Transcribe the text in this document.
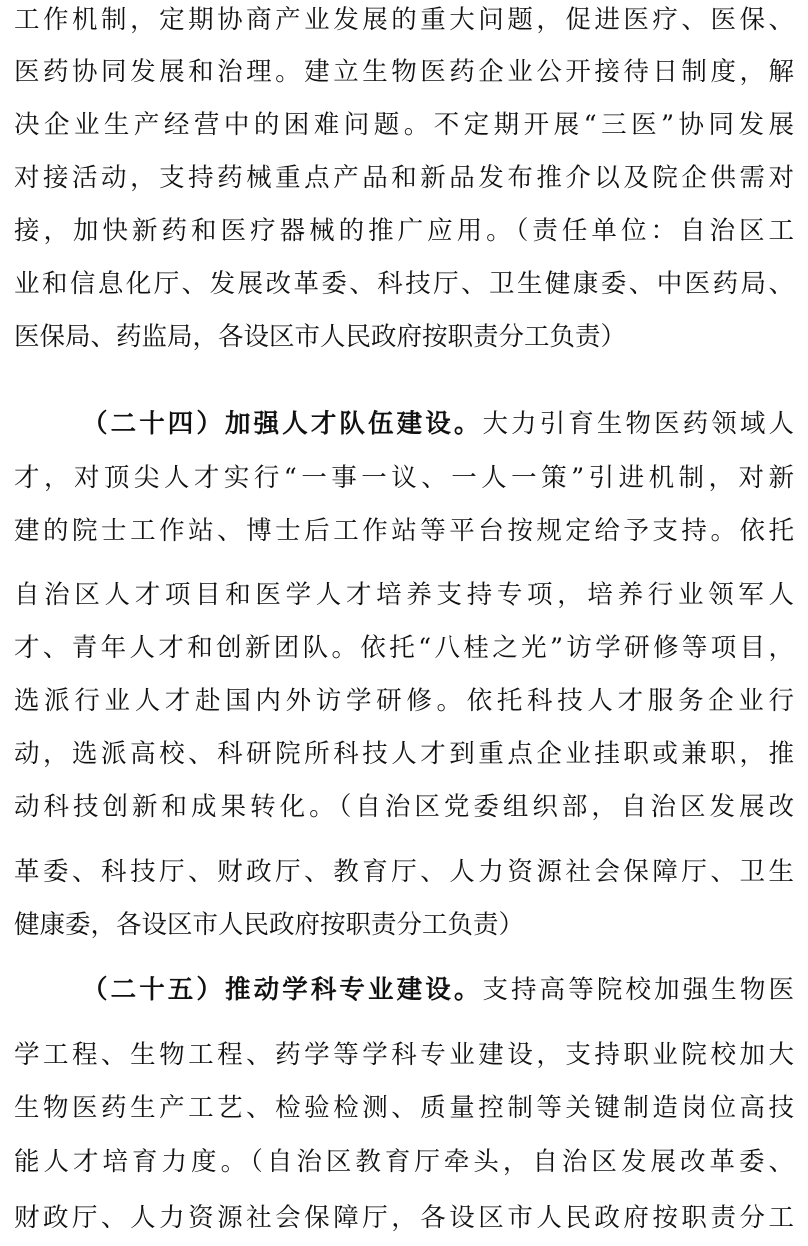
工作机制，定期协商产业发展的重大问题，促进医疗、医保、
医药协同发展和治理。建立生物医药企业公开接待日制度，解
决企业生产经营中的困难问题。不定期开展“三医”协同发展
对接活动，支持药械重点产品和新品发布推介以及院企供需对
接，加快新药和医疗器械的推广应用。（责任单位：自治区工
业和信息化厅、发展改革委、科技厅、卫生健康委、中医药局、
医保局、药监局，各设区市人民政府按职责分工负责）
（二十四）加强人才队伍建设。大力引育生物医药领域人
才，对顶尖人才实行“一事一议、一人一策”引进机制，对新
建的院士工作站、博士后工作站等平台按规定给予支持。依托
自治区人才项目和医学人才培养支持专项，培养行业领军人
才、青年人才和创新团队。依托“八桂之光”访学研修等项目，
选派行业人才赴国内外访学研修。依托科技人才服务企业行
动，选派高校、科研院所科技人才到重点企业挂职或兼职，推
动科技创新和成果转化。（自治区党委组织部，自治区发展改
革委、科技厅、财政厅、教育厅、人力资源社会保障厅、卫生
健康委，各设区市人民政府按职责分工负责）
（二十五）推动学科专业建设。支持高等院校加强生物医
学工程、生物工程、药学等学科专业建设，支持职业院校加大
生物医药生产工艺、检验检测、质量控制等关键制造岗位高技
能人才培育力度。（自治区教育厅牵头，自治区发展改革委、
财政厅、人力资源社会保障厅，各设区市人民政府按职责分工
